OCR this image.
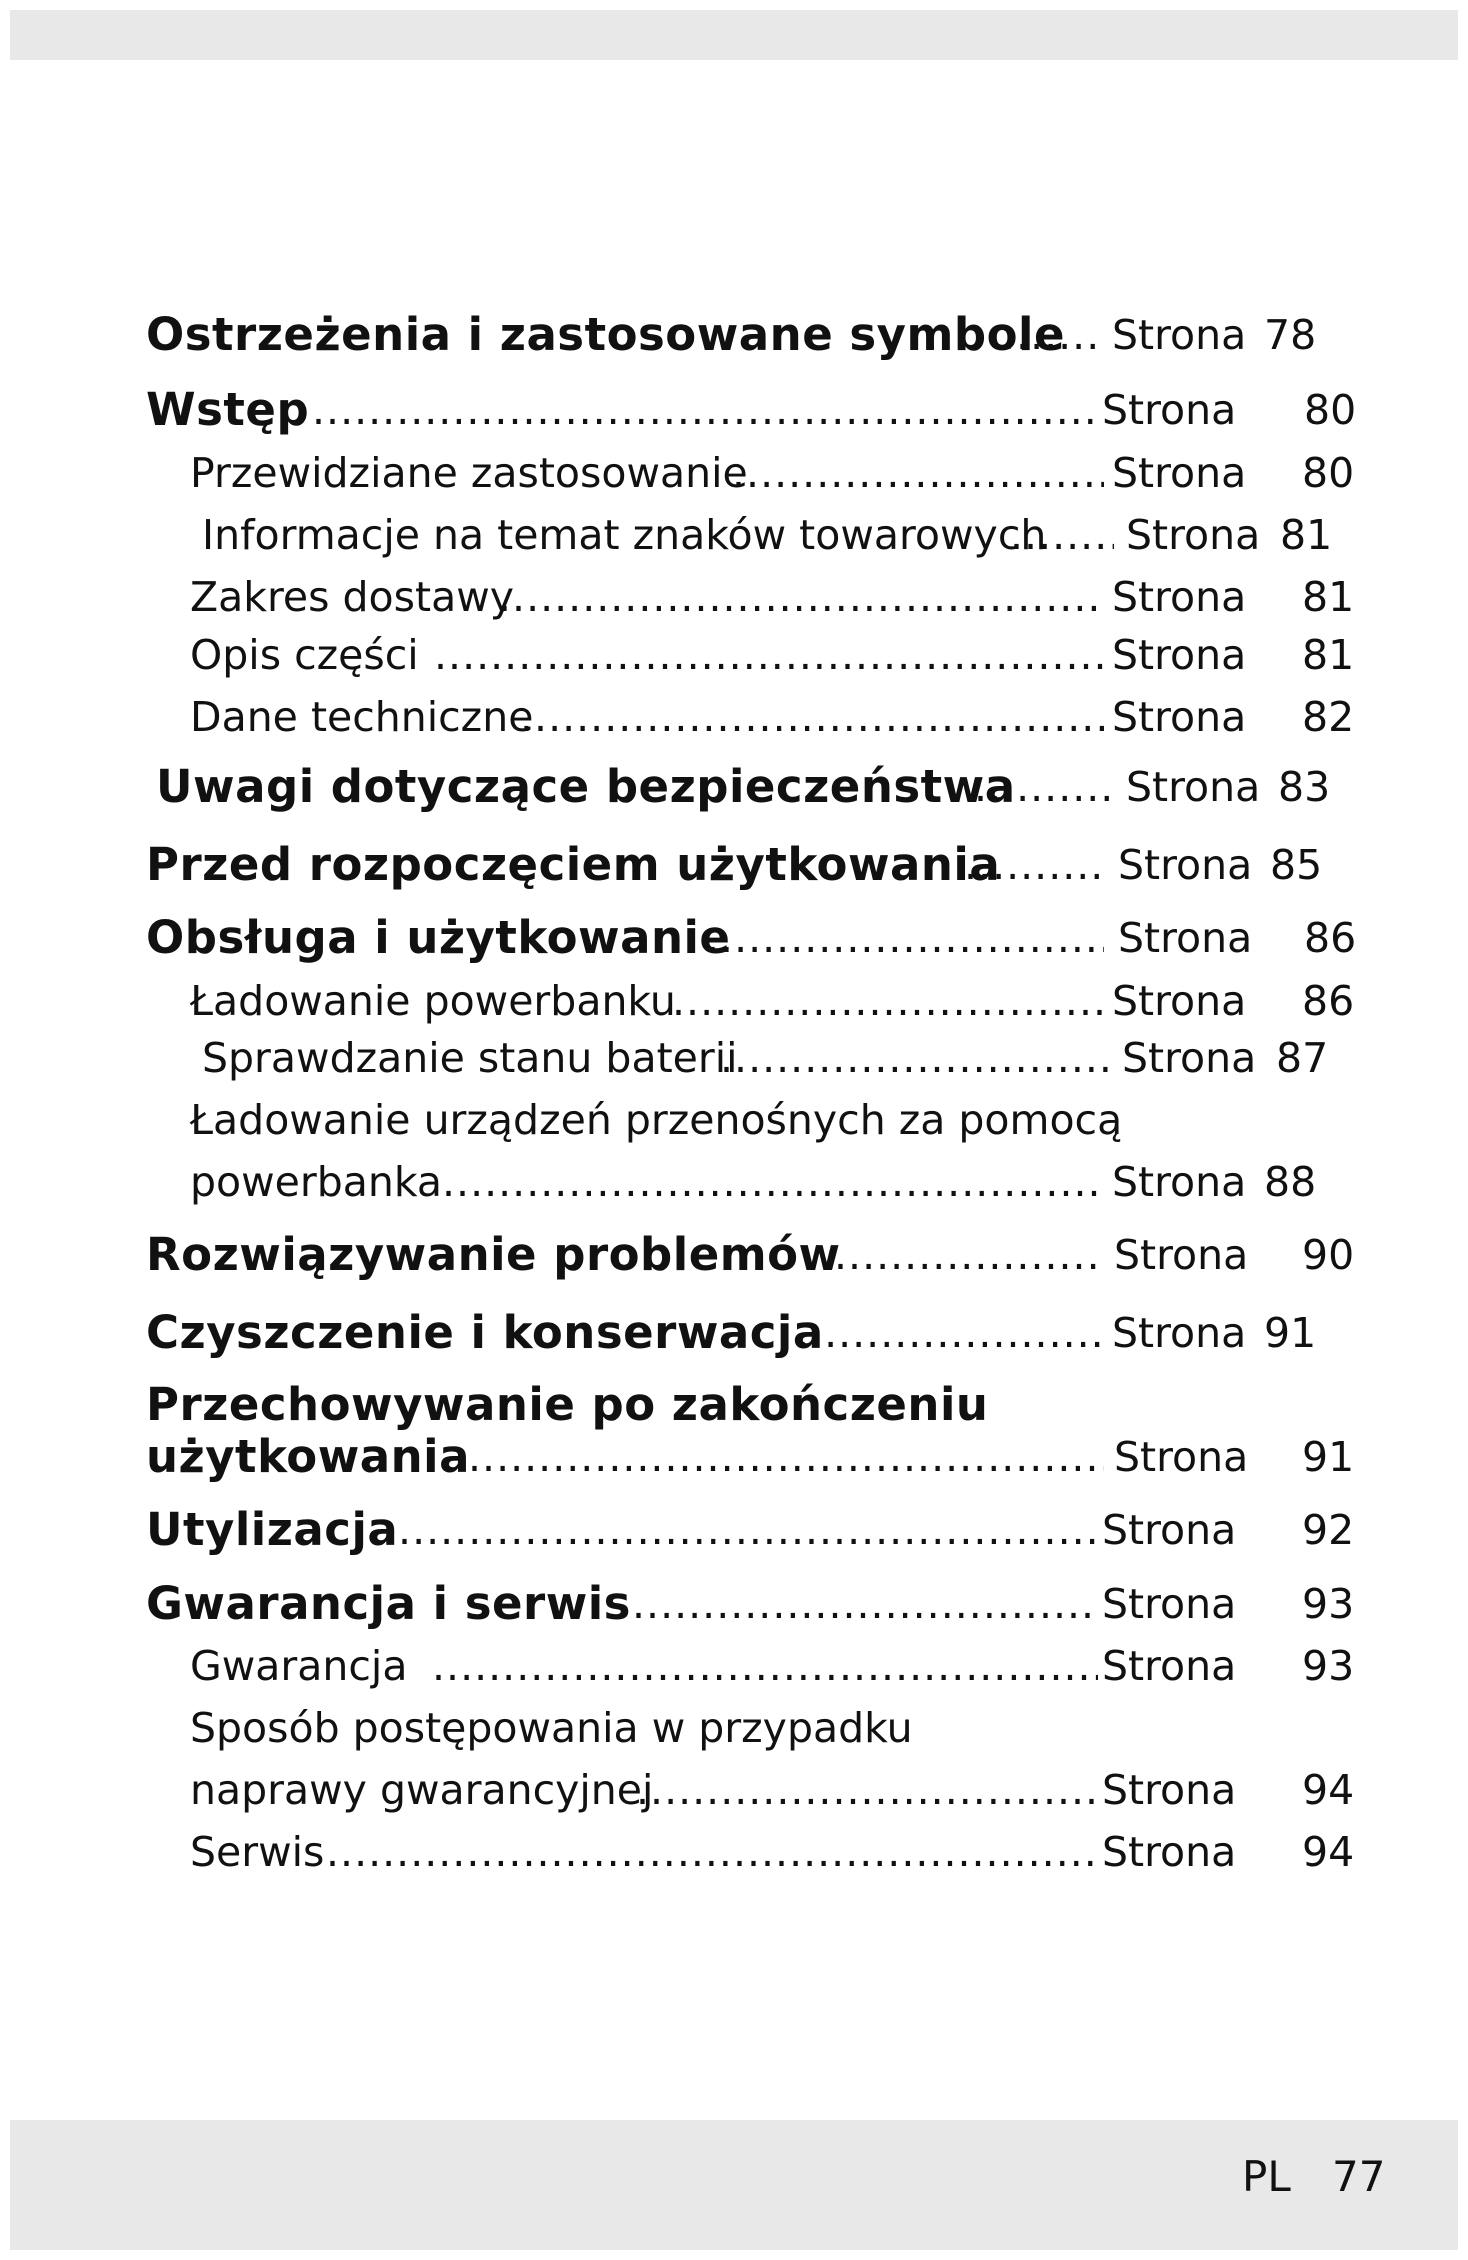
Ostrzeżenia i zastosowane symbole ..... Strona 78
Wstęp .....	Strona 80
Przewidziane zastosowanie .....	Strona 80
Informacje na temat znaków towarowych ..... Strona 81
Zakres dostawy .....	Strona 81
Opis części .....	Strona 81
Dane techniczne .....	Strona 82
Uwagi dotyczące bezpieczeństwa .....	Strona 83
Przed rozpoczęciem użytkowania .....	Strona 85
Obsługa i użytkowanie .....	Strona 86
Ładowanie powerbanku .....	Strona 86
Sprawdzanie stanu baterii .....	Strona 87
Ładowanie urządzeń przenośnych za pomocą
powerbanka .....	Strona 88
Rozwiązywanie problemów .....	Strona 90
Czyszczenie i konserwacja .....	Strona 91
Przechowywanie po zakończeniu
użytkowania .....	Strona 91
Utylizacja .....	Strona 92
Gwarancja i serwis .....	Strona 93
Gwarancja .....	Strona 93
Sposób postępowania w przypadku
naprawy gwarancyjnej .....	Strona 94
Serwis .....	Strona 94
PL 77
